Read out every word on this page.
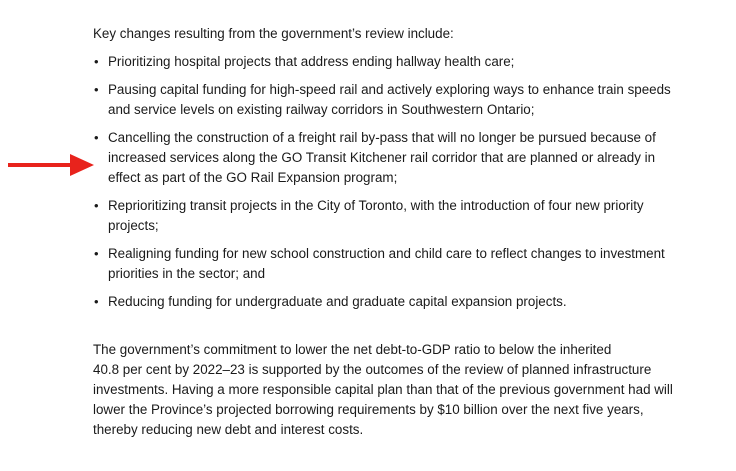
Key changes resulting from the government’s review include:

• Prioritizing hospital projects that address ending hallway health care;
• Pausing capital funding for high-speed rail and actively exploring ways to enhance train speeds
and service levels on existing railway corridors in Southwestern Ontario;
• Cancelling the construction of a freight rail by-pass that will no longer be pursued because of
increased services along the GO Transit Kitchener rail corridor that are planned or already in
effect as part of the GO Rail Expansion program;
• Reprioritizing transit projects in the City of Toronto, with the introduction of four new priority
projects;
• Realigning funding for new school construction and child care to reflect changes to investment
priorities in the sector; and
• Reducing funding for undergraduate and graduate capital expansion projects.

The government’s commitment to lower the net debt-to-GDP ratio to below the inherited
40.8 per cent by 2022–23 is supported by the outcomes of the review of planned infrastructure
investments. Having a more responsible capital plan than that of the previous government had will
lower the Province’s projected borrowing requirements by $10 billion over the next five years,
thereby reducing new debt and interest costs.
